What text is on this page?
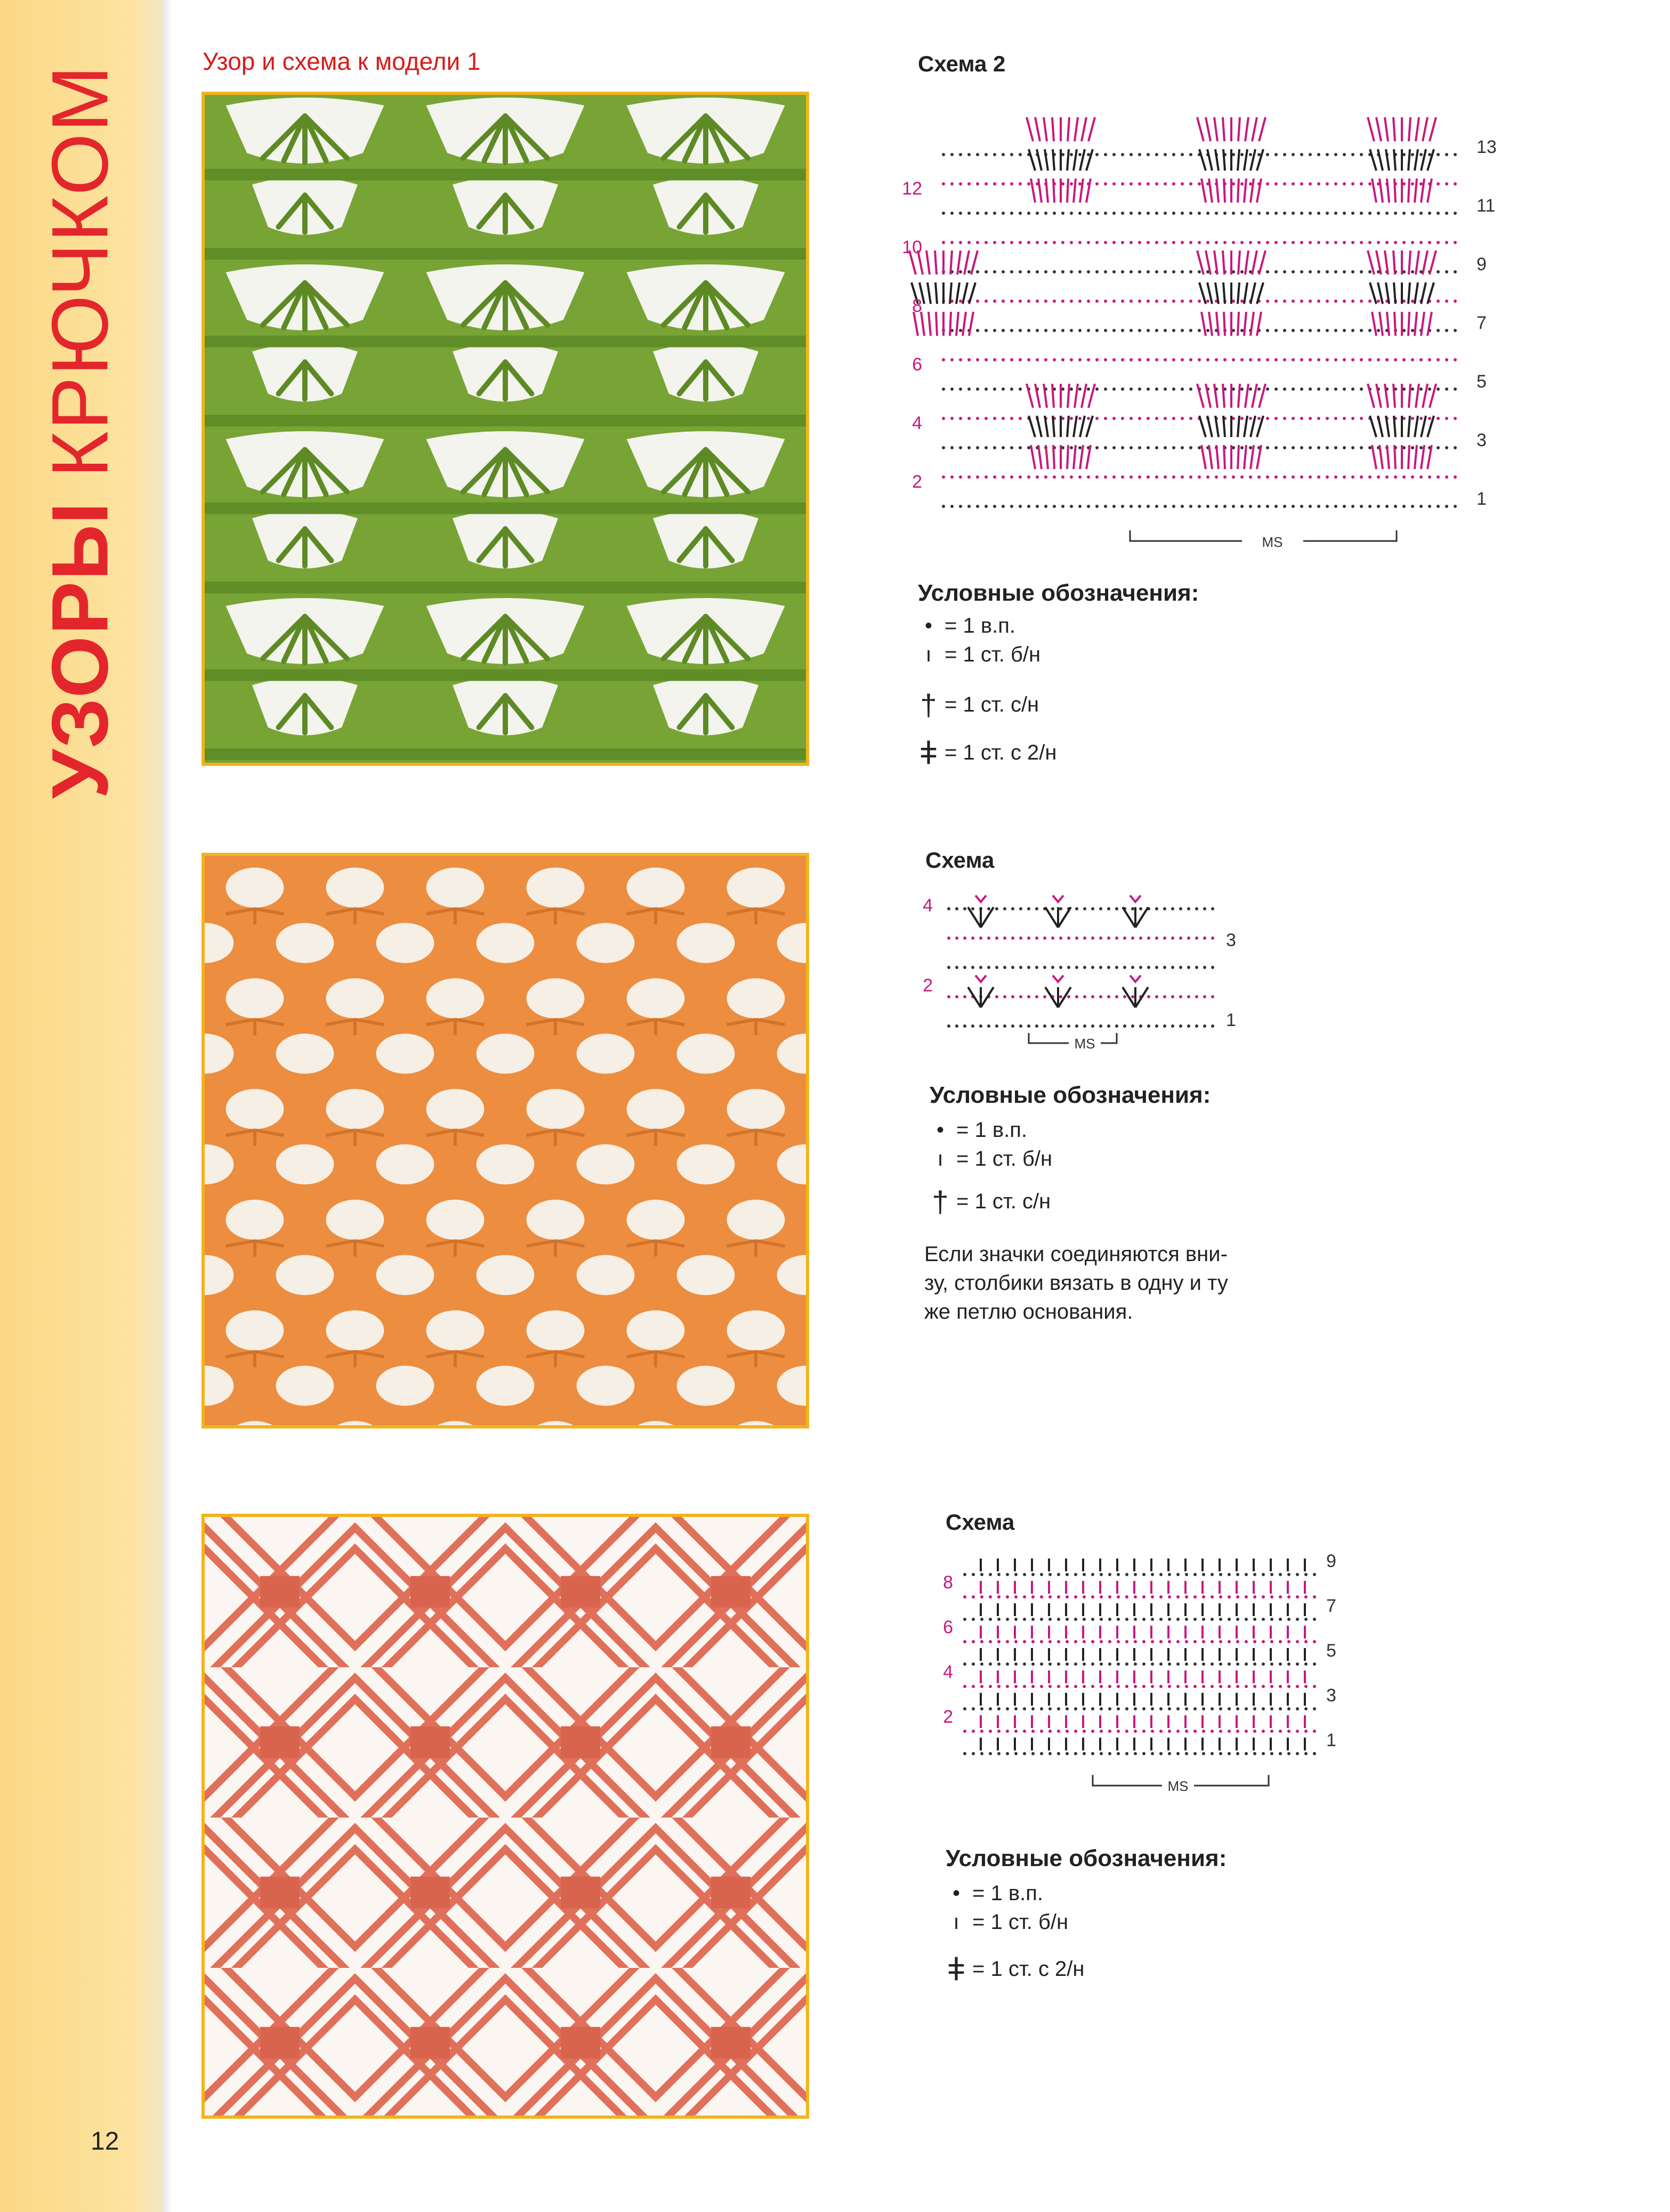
УЗОРЫ КРЮЧКОМ
12
Узор и схема к модели 1	Схема 2
MS
12
10
8
6
4
2
13
11
9
7
5
3
1
Условные обозначения:
• = 1 в.п.
ı = 1 ст. б/н
† = 1 ст. с/н
ǂ = 1 ст. с 2/н
Схема
MS
4
2
3
1
Условные обозначения:
• = 1 в.п.
ı = 1 ст. б/н
† = 1 ст. с/н
Если значки соединяются вни-
зу, столбики вязать в одну и ту
же петлю основания.
Схема
MS
8
6
4
2
9
7
5
3
1
Условные обозначения:
• = 1 в.п.
ı = 1 ст. б/н
ǂ = 1 ст. с 2/н
